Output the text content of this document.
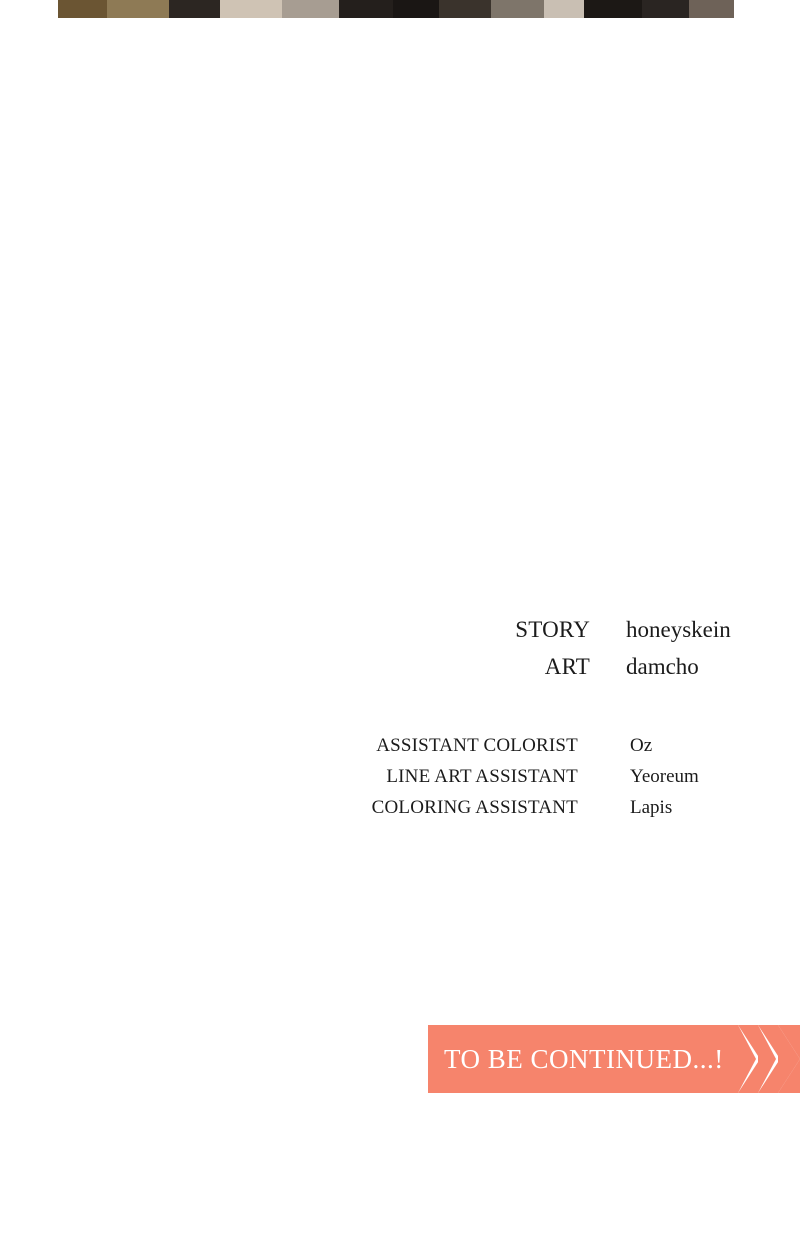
STORY honeyskein
ART damcho
ASSISTANT COLORIST	Oz
LINE ART ASSISTANT	Yeoreum
COLORING ASSISTANT	Lapis
TO BE CONTINUED...!
